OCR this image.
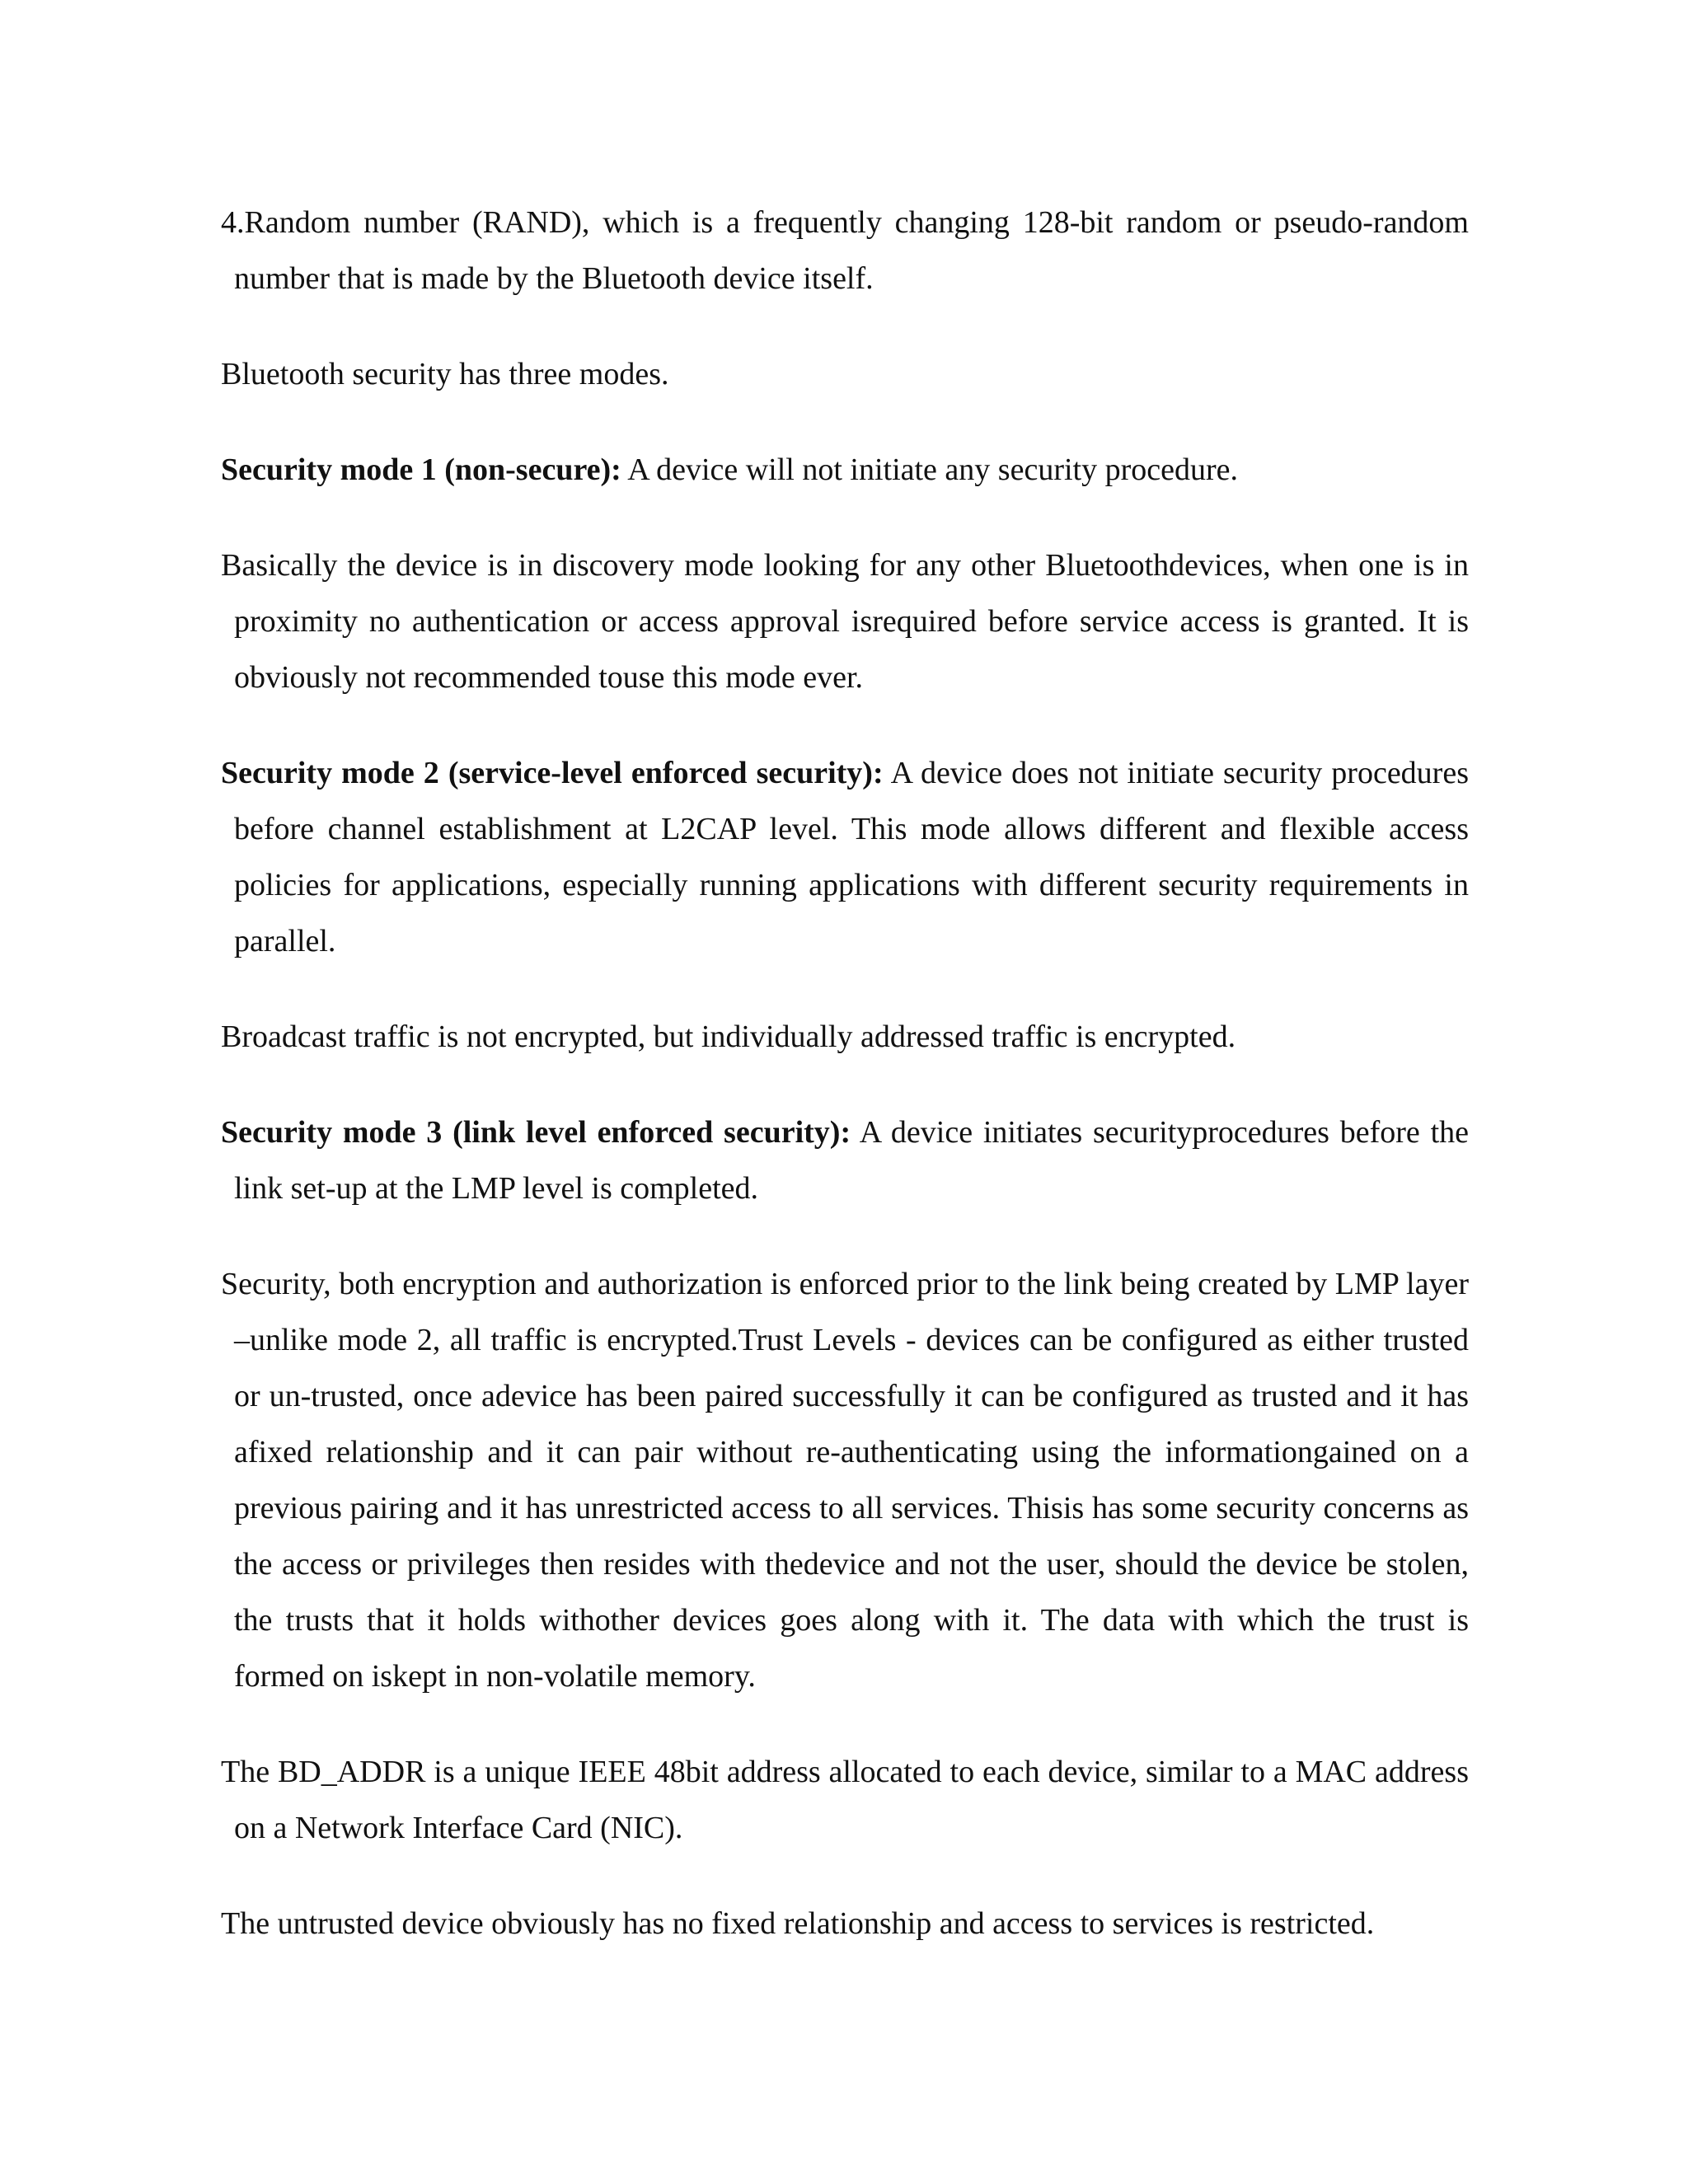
4.Random number (RAND), which is a frequently changing 128-bit random or pseudo-random number that is made by the Bluetooth device itself.

Bluetooth security has three modes.

Security mode 1 (non-secure): A device will not initiate any security procedure.

Basically the device is in discovery mode looking for any other Bluetoothdevices, when one is in proximity no authentication or access approval isrequired before service access is granted. It is obviously not recommended touse this mode ever.

Security mode 2 (service-level enforced security): A device does not initiate security procedures before channel establishment at L2CAP level. This mode allows different and flexible access policies for applications, especially running applications with different security requirements in parallel.

Broadcast traffic is not encrypted, but individually addressed traffic is encrypted.

Security mode 3 (link level enforced security): A device initiates securityprocedures before the link set-up at the LMP level is completed.

Security, both encryption and authorization is enforced prior to the link being created by LMP layer –unlike mode 2, all traffic is encrypted.Trust Levels - devices can be configured as either trusted or un-trusted, once adevice has been paired successfully it can be configured as trusted and it has afixed relationship and it can pair without re-authenticating using the informationgained on a previous pairing and it has unrestricted access to all services. Thisis has some security concerns as the access or privileges then resides with thedevice and not the user, should the device be stolen, the trusts that it holds withother devices goes along with it. The data with which the trust is formed on iskept in non-volatile memory.

The BD_ADDR is a unique IEEE 48bit address allocated to each device, similar to a MAC address on a Network Interface Card (NIC).

The untrusted device obviously has no fixed relationship and access to services is restricted.
